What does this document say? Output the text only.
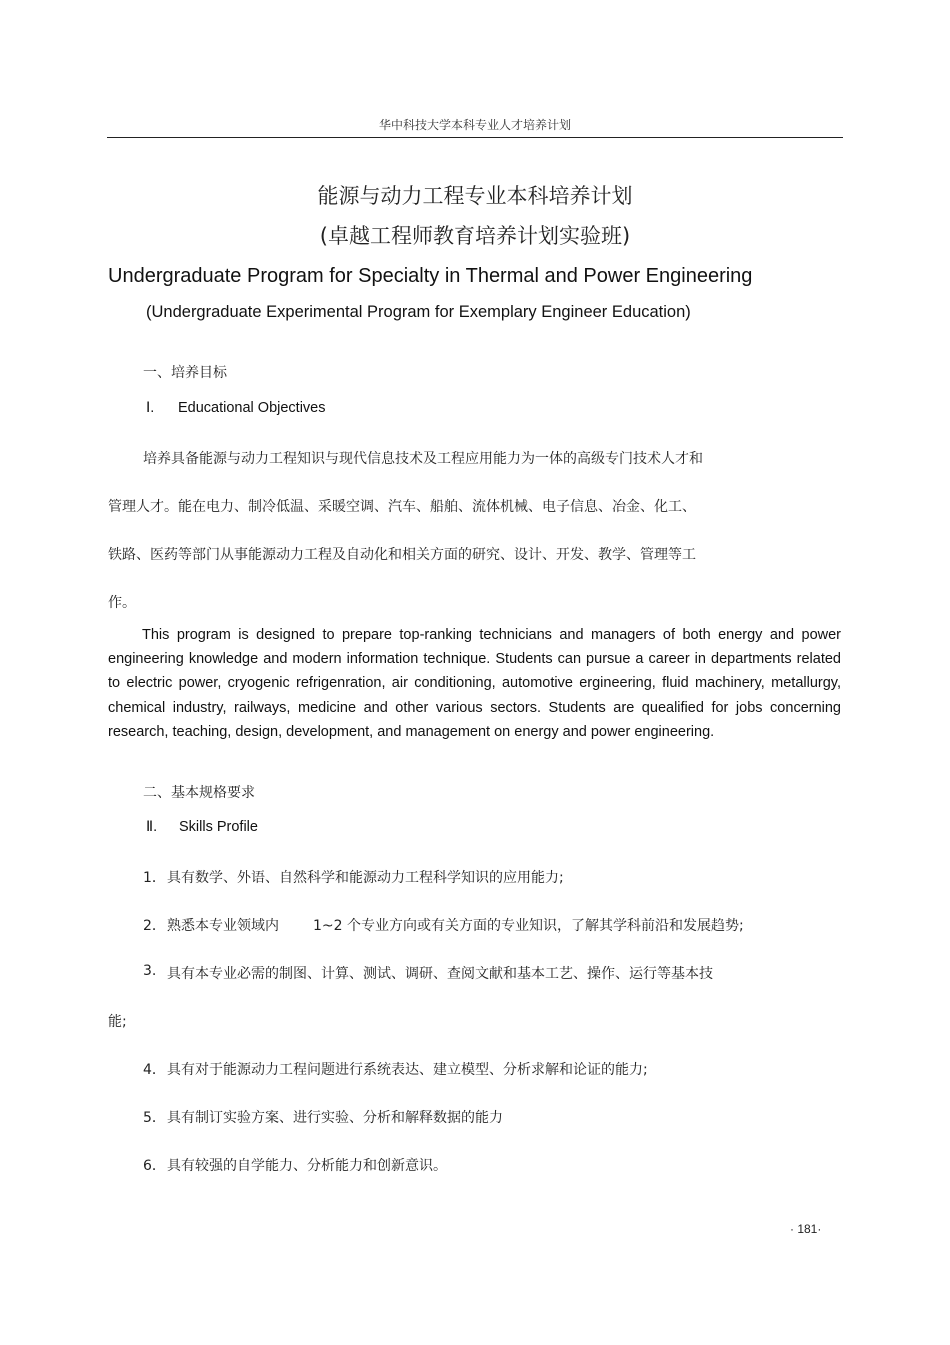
华中科技大学本科专业人才培养计划
能源与动力工程专业本科培养计划
(卓越工程师教育培养计划实验班)
Undergraduate Program for Specialty in Thermal and Power Engineering
(Undergraduate Experimental Program for Exemplary Engineer Education)
一、培养目标
Ⅰ. Educational Objectives
培养具备能源与动力工程知识与现代信息技术及工程应用能力为一体的高级专门技术人才和
管理人才。能在电力、制冷低温、采暖空调、汽车、船舶、流体机械、电子信息、冶金、化工、
铁路、医药等部门从事能源动力工程及自动化和相关方面的研究、设计、开发、教学、管理等工
作。

This program is designed to prepare top-ranking technicians and managers of both energy and power engineering knowledge and modern information technique. Students can pursue a career in departments related to electric power, cryogenic refrigenration, air conditioning, automotive ergineering, fluid machinery, metallurgy, chemical industry, railways, medicine and other various sectors. Students are quealified for jobs concerning research, teaching, design, development, and management on energy and power engineering.

二、基本规格要求
Ⅱ. Skills Profile
1． 具有数学、外语、自然科学和能源动力工程科学知识的应用能力;
2． 熟悉本专业领域内 1~2 个专业方向或有关方面的专业知识，了解其学科前沿和发展趋势;
3. 具有本专业必需的制图、计算、测试、调研、查阅文献和基本工艺、操作、运行等基本技
能;
4． 具有对于能源动力工程问题进行系统表达、建立模型、分析求解和论证的能力;
5． 具有制订实验方案、进行实验、分析和解释数据的能力
6． 具有较强的自学能力、分析能力和创新意识。
· 181·
